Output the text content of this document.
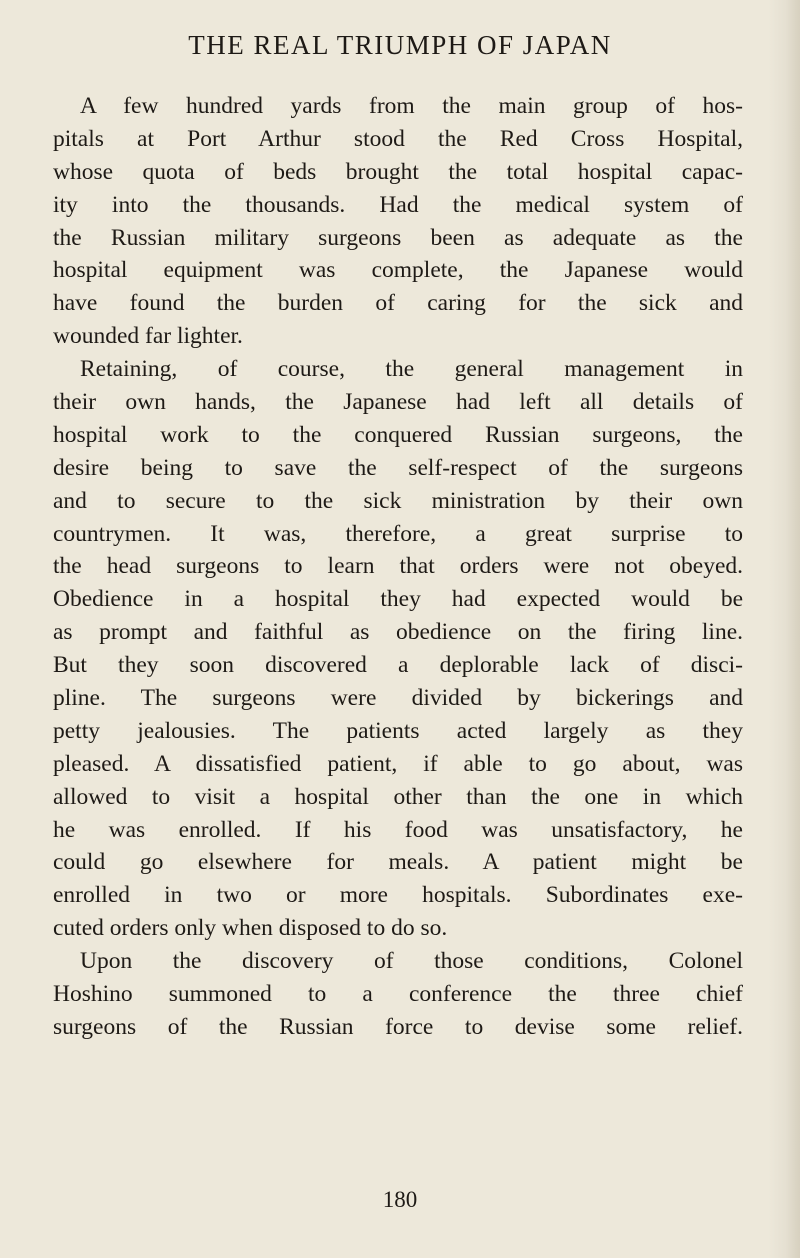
THE REAL TRIUMPH OF JAPAN
A few hundred yards from the main group of hos-
pitals at Port Arthur stood the Red Cross Hospital,
whose quota of beds brought the total hospital capac-
ity into the thousands. Had the medical system of
the Russian military surgeons been as adequate as the
hospital equipment was complete, the Japanese would
have found the burden of caring for the sick and
wounded far lighter.
Retaining, of course, the general management in
their own hands, the Japanese had left all details of
hospital work to the conquered Russian surgeons, the
desire being to save the self-respect of the surgeons
and to secure to the sick ministration by their own
countrymen. It was, therefore, a great surprise to
the head surgeons to learn that orders were not obeyed.
Obedience in a hospital they had expected would be
as prompt and faithful as obedience on the firing line.
But they soon discovered a deplorable lack of disci-
pline. The surgeons were divided by bickerings and
petty jealousies. The patients acted largely as they
pleased. A dissatisfied patient, if able to go about, was
allowed to visit a hospital other than the one in which
he was enrolled. If his food was unsatisfactory, he
could go elsewhere for meals. A patient might be
enrolled in two or more hospitals. Subordinates exe-
cuted orders only when disposed to do so.
Upon the discovery of those conditions, Colonel
Hoshino summoned to a conference the three chief
surgeons of the Russian force to devise some relief.
180
